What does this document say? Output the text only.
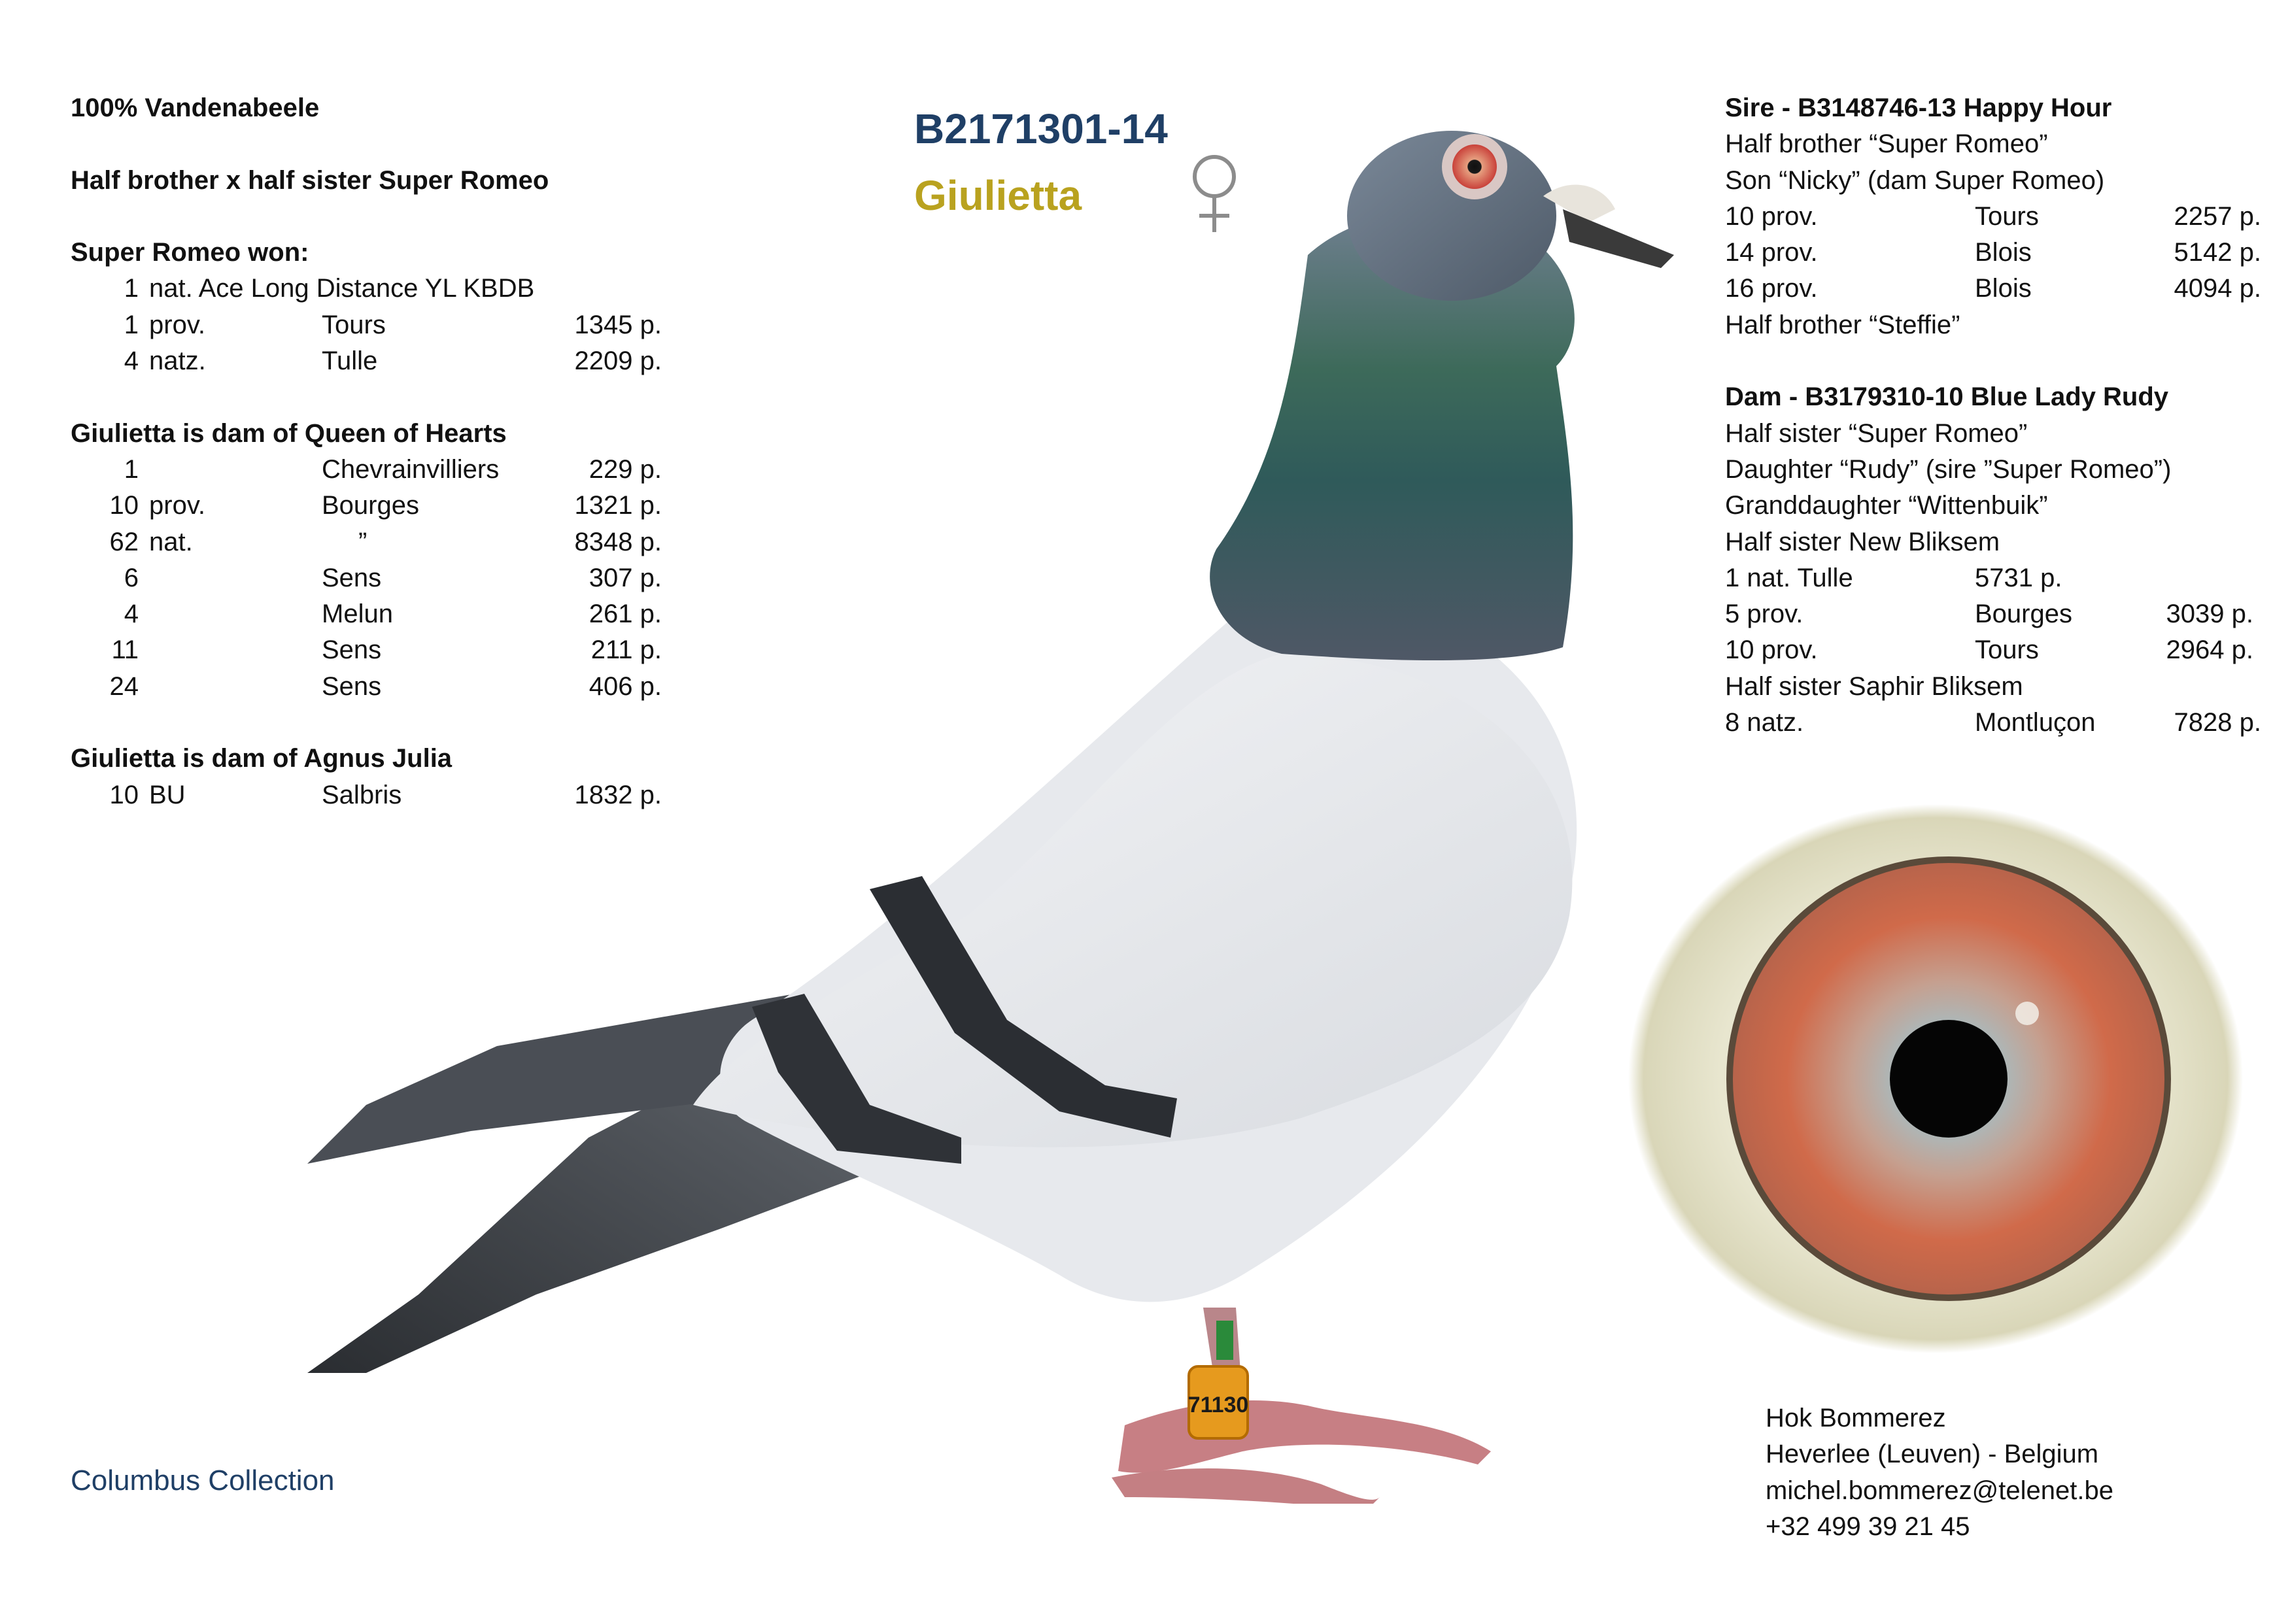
71130
100% Vandenabeele
Half brother x half sister Super Romeo
Super Romeo won:
1 nat. Ace Long Distance YL KBDB
1 prov.	Tours	1345 p.
4 natz.	Tulle	2209 p.
Giulietta is dam of Queen of Hearts
1	Chevrainvilliers	229 p.
10 prov.	Bourges	1321 p.
62 nat.	”	8348 p.
6	Sens	307 p.
4	Melun	261 p.
11	Sens	211 p.
24	Sens	406 p.
Giulietta is dam of Agnus Julia
10 BU	Salbris	1832 p.
B2171301-14
Giulietta
Sire - B3148746-13 Happy Hour
Half brother “Super Romeo”
Son “Nicky” (dam Super Romeo)
10 prov.	Tours	2257 p.
14 prov.	Blois	5142 p.
16 prov.	Blois	4094 p.
Half brother “Steffie”
Dam - B3179310-10 Blue Lady Rudy
Half sister “Super Romeo”
Daughter “Rudy” (sire ”Super Romeo”)
Granddaughter “Wittenbuik”
Half sister New Bliksem
1 nat. Tulle	5731 p.
5 prov.	Bourges	3039 p.
10 prov.	Tours	2964 p.
Half sister Saphir Bliksem
8 natz.	Montluçon	7828 p.
Columbus Collection
Hok Bommerez
Heverlee (Leuven) - Belgium
michel.bommerez@telenet.be
+32 499 39 21 45
